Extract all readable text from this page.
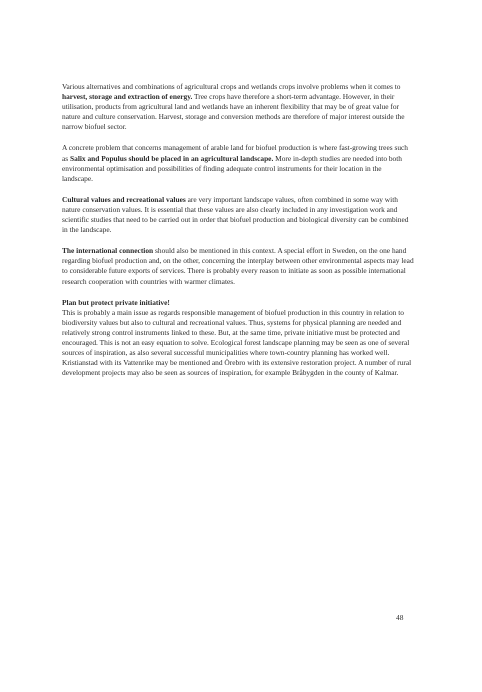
Various alternatives and combinations of agricultural crops and wetlands crops involve problems when it comes to harvest, storage and extraction of energy. Tree crops have therefore a short-term advantage. However, in their utilisation, products from agricultural land and wetlands have an inherent flexibility that may be of great value for nature and culture conservation. Harvest, storage and conversion methods are therefore of major interest outside the narrow biofuel sector.

A concrete problem that concerns management of arable land for biofuel production is where fast-growing trees such as Salix and Populus should be placed in an agricultural landscape. More in-depth studies are needed into both environmental optimisation and possibilities of finding adequate control instruments for their location in the landscape.

Cultural values and recreational values are very important landscape values, often combined in some way with nature conservation values. It is essential that these values are also clearly included in any investigation work and scientific studies that need to be carried out in order that biofuel production and biological diversity can be combined in the landscape.

The international connection should also be mentioned in this context. A special effort in Sweden, on the one hand regarding biofuel production and, on the other, concerning the interplay between other environmental aspects may lead to considerable future exports of services. There is probably every reason to initiate as soon as possible international research cooperation with countries with warmer climates.

Plan but protect private initiative!
This is probably a main issue as regards responsible management of biofuel production in this country in relation to biodiversity values but also to cultural and recreational values. Thus, systems for physical planning are needed and relatively strong control instruments linked to these. But, at the same time, private initiative must be protected and encouraged. This is not an easy equation to solve. Ecological forest landscape planning may be seen as one of several sources of inspiration, as also several successful municipalities where town-country planning has worked well. Kristianstad with its Vattenrike may be mentioned and Örebro with its extensive restoration project. A number of rural development projects may also be seen as sources of inspiration, for example Bråbygden in the county of Kalmar.

48
